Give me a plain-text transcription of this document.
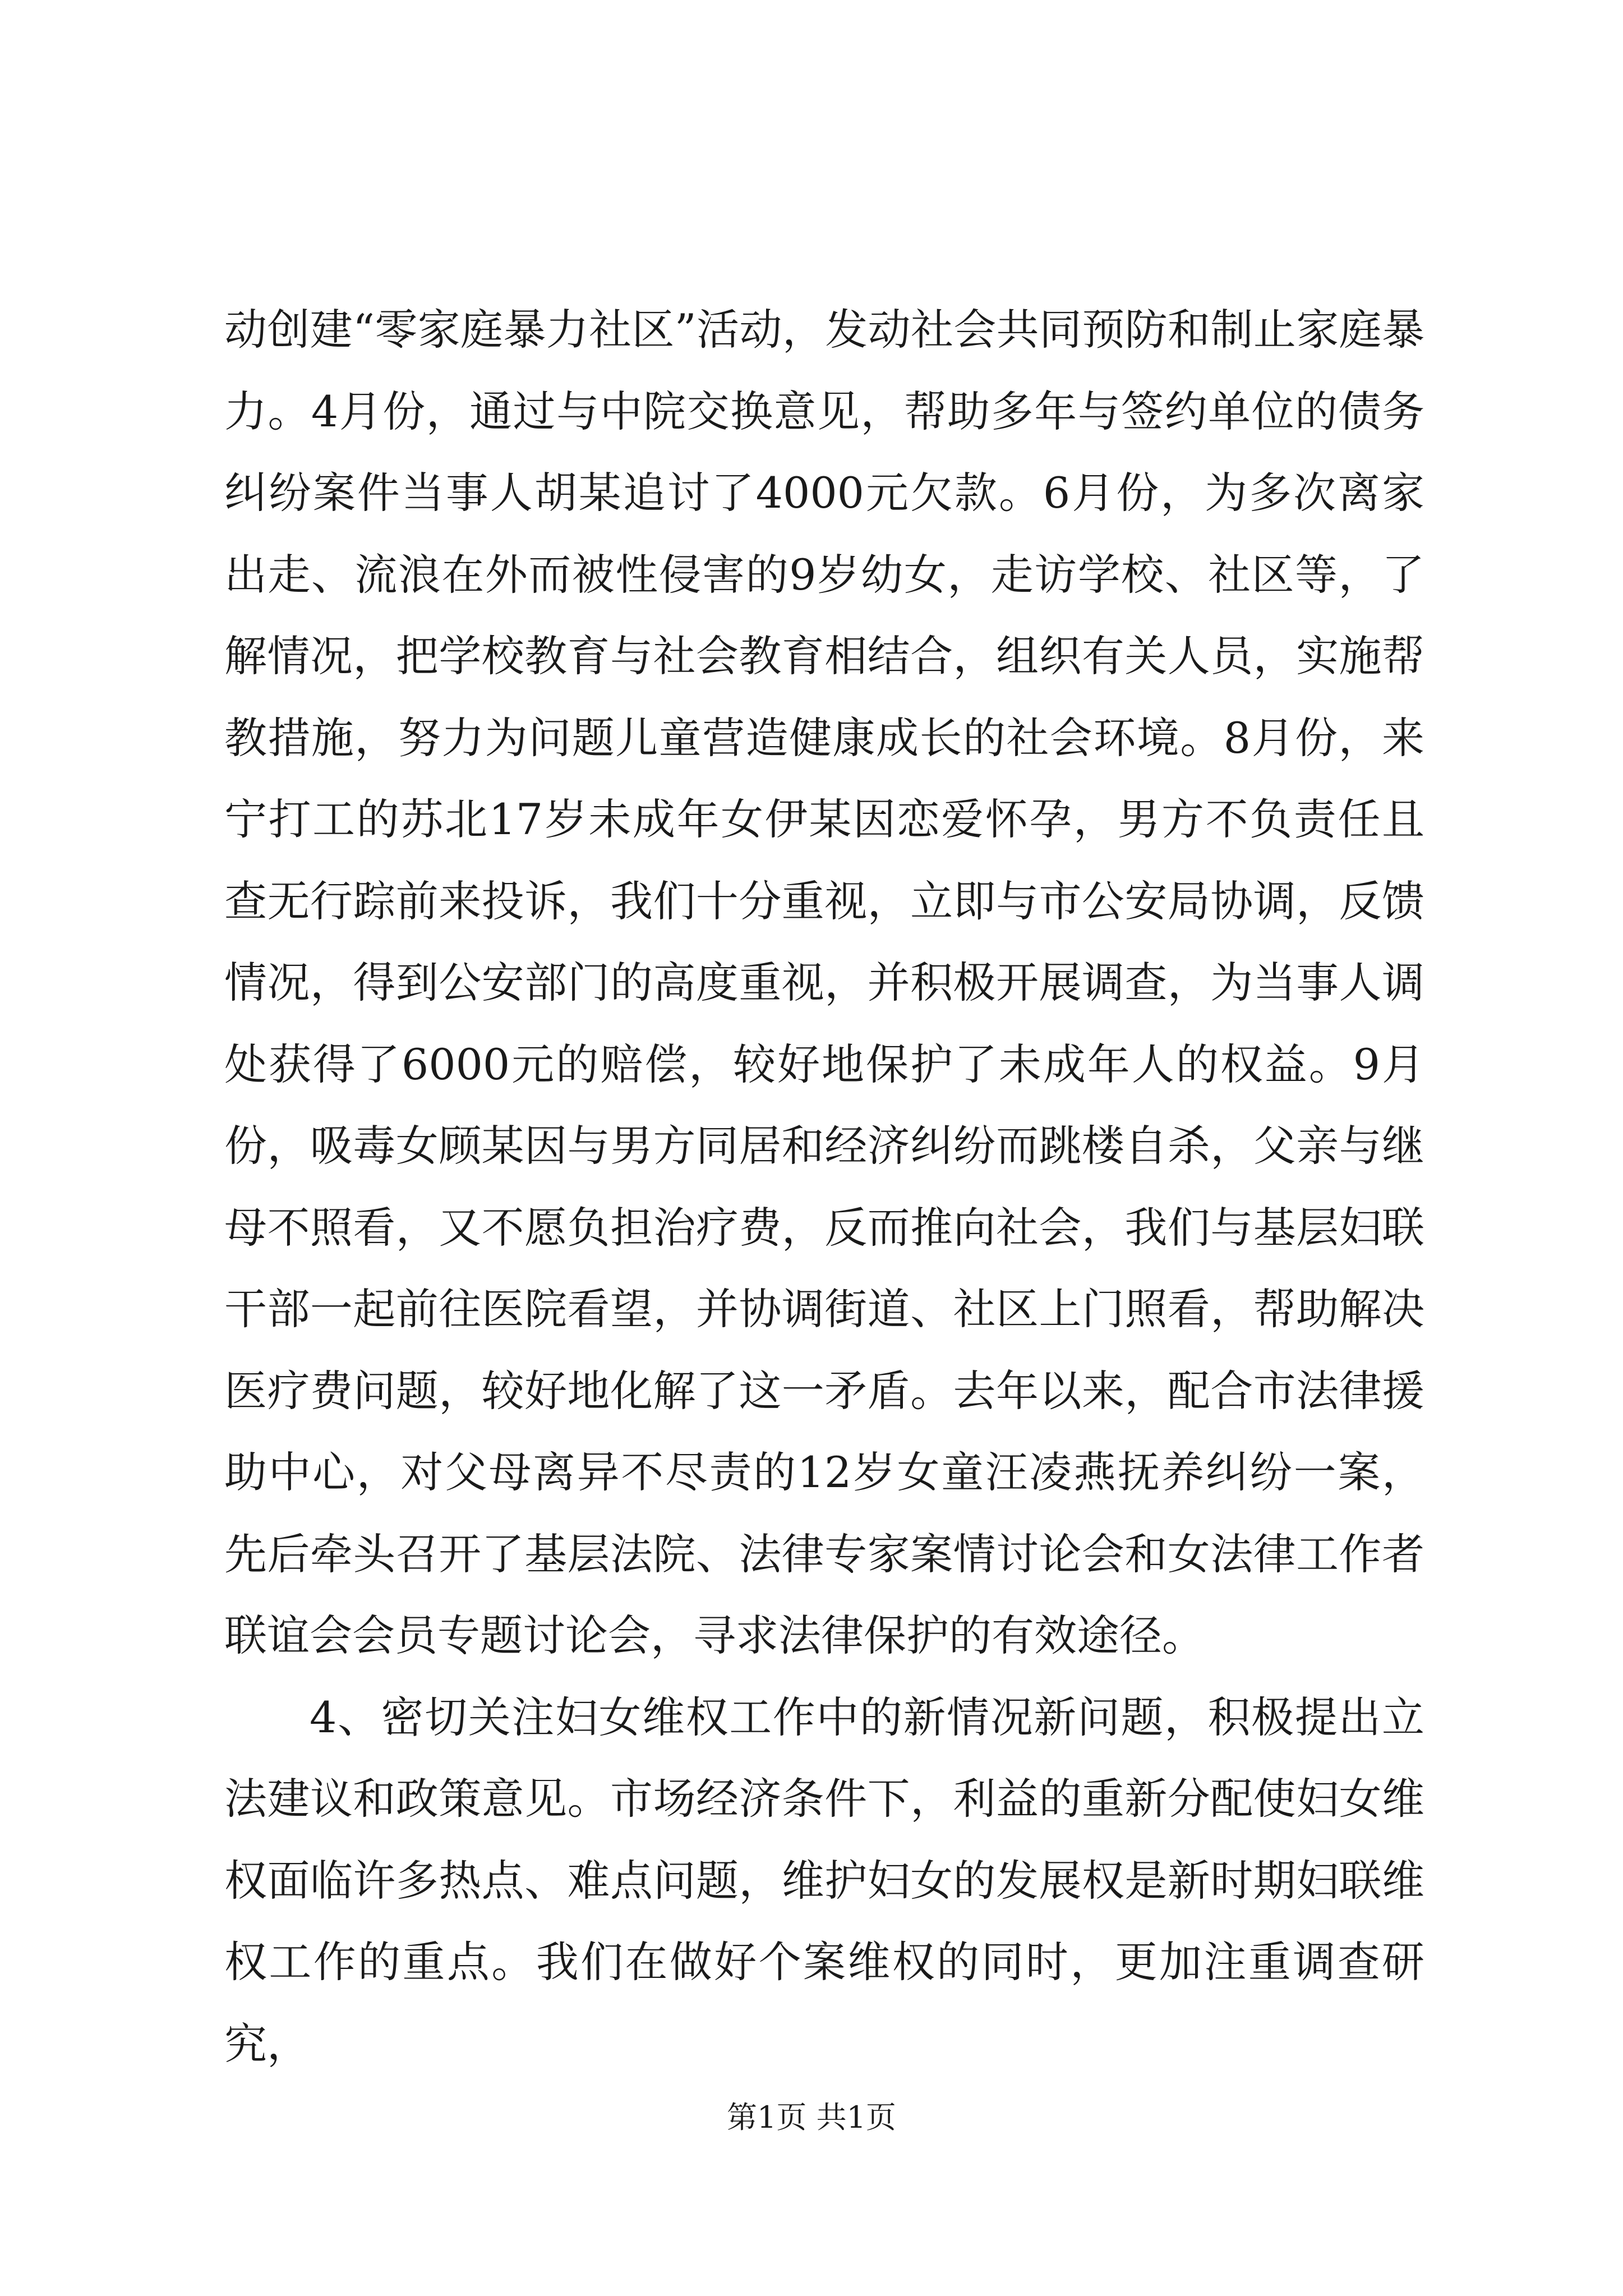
动创建“零家庭暴力社区”活动，发动社会共同预防和制止家庭暴力。4月份，通过与中院交换意见，帮助多年与签约单位的债务纠纷案件当事人胡某追讨了4000元欠款。6月份，为多次离家出走、流浪在外而被性侵害的9岁幼女，走访学校、社区等，了解情况，把学校教育与社会教育相结合，组织有关人员，实施帮教措施，努力为问题儿童营造健康成长的社会环境。8月份，来宁打工的苏北17岁未成年女伊某因恋爱怀孕，男方不负责任且查无行踪前来投诉，我们十分重视，立即与市公安局协调，反馈情况，得到公安部门的高度重视，并积极开展调查，为当事人调处获得了6000元的赔偿，较好地保护了未成年人的权益。9月份，吸毒女顾某因与男方同居和经济纠纷而跳楼自杀，父亲与继母不照看，又不愿负担治疗费，反而推向社会，我们与基层妇联干部一起前往医院看望，并协调街道、社区上门照看，帮助解决医疗费问题，较好地化解了这一矛盾。去年以来，配合市法律援助中心，对父母离异不尽责的12岁女童汪凌燕抚养纠纷一案，先后牵头召开了基层法院、法律专家案情讨论会和女法律工作者联谊会会员专题讨论会，寻求法律保护的有效途径。

4、密切关注妇女维权工作中的新情况新问题，积极提出立法建议和政策意见。市场经济条件下，利益的重新分配使妇女维权面临许多热点、难点问题，维护妇女的发展权是新时期妇联维权工作的重点。我们在做好个案维权的同时，更加注重调查研究，

第1页 共1页
